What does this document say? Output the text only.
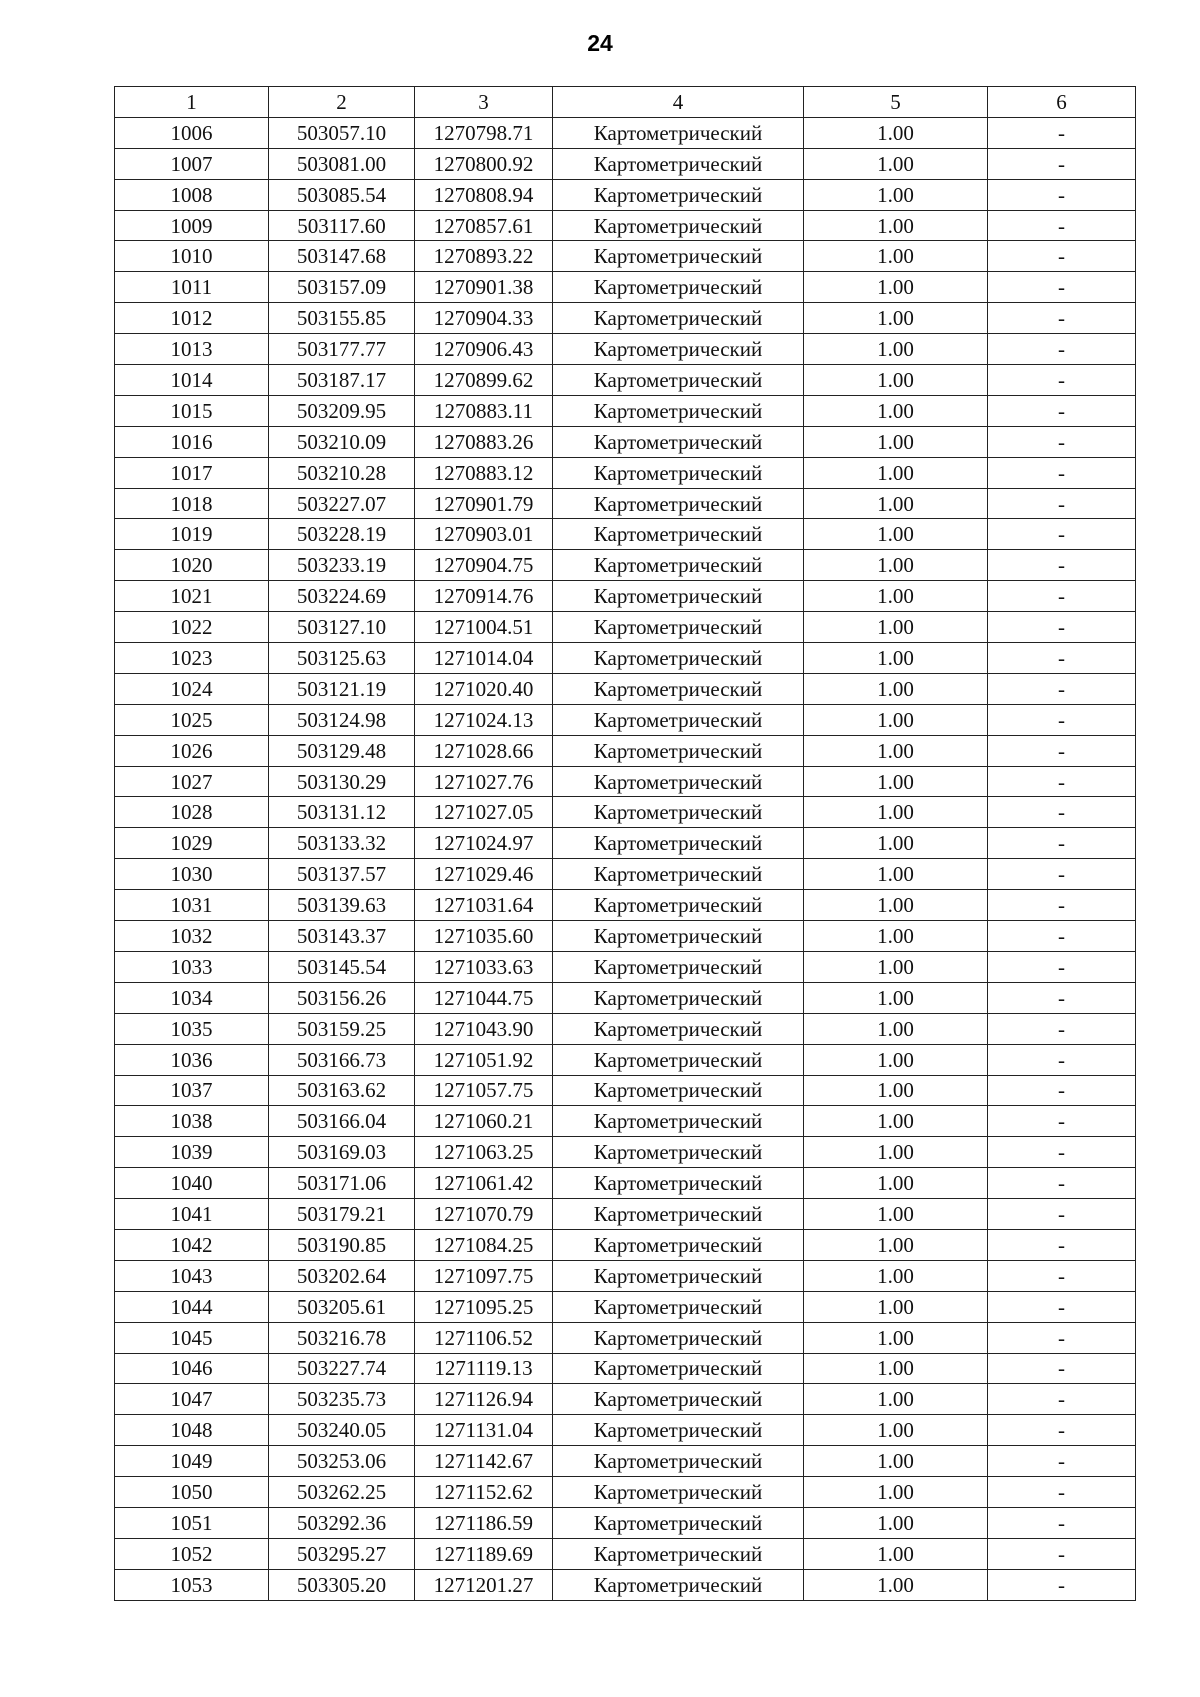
24
1	2	3	4	5	6
1006	503057.10	1270798.71	Картометрический	1.00	-
1007	503081.00	1270800.92	Картометрический	1.00	-
1008	503085.54	1270808.94	Картометрический	1.00	-
1009	503117.60	1270857.61	Картометрический	1.00	-
1010	503147.68	1270893.22	Картометрический	1.00	-
1011	503157.09	1270901.38	Картометрический	1.00	-
1012	503155.85	1270904.33	Картометрический	1.00	-
1013	503177.77	1270906.43	Картометрический	1.00	-
1014	503187.17	1270899.62	Картометрический	1.00	-
1015	503209.95	1270883.11	Картометрический	1.00	-
1016	503210.09	1270883.26	Картометрический	1.00	-
1017	503210.28	1270883.12	Картометрический	1.00	-
1018	503227.07	1270901.79	Картометрический	1.00	-
1019	503228.19	1270903.01	Картометрический	1.00	-
1020	503233.19	1270904.75	Картометрический	1.00	-
1021	503224.69	1270914.76	Картометрический	1.00	-
1022	503127.10	1271004.51	Картометрический	1.00	-
1023	503125.63	1271014.04	Картометрический	1.00	-
1024	503121.19	1271020.40	Картометрический	1.00	-
1025	503124.98	1271024.13	Картометрический	1.00	-
1026	503129.48	1271028.66	Картометрический	1.00	-
1027	503130.29	1271027.76	Картометрический	1.00	-
1028	503131.12	1271027.05	Картометрический	1.00	-
1029	503133.32	1271024.97	Картометрический	1.00	-
1030	503137.57	1271029.46	Картометрический	1.00	-
1031	503139.63	1271031.64	Картометрический	1.00	-
1032	503143.37	1271035.60	Картометрический	1.00	-
1033	503145.54	1271033.63	Картометрический	1.00	-
1034	503156.26	1271044.75	Картометрический	1.00	-
1035	503159.25	1271043.90	Картометрический	1.00	-
1036	503166.73	1271051.92	Картометрический	1.00	-
1037	503163.62	1271057.75	Картометрический	1.00	-
1038	503166.04	1271060.21	Картометрический	1.00	-
1039	503169.03	1271063.25	Картометрический	1.00	-
1040	503171.06	1271061.42	Картометрический	1.00	-
1041	503179.21	1271070.79	Картометрический	1.00	-
1042	503190.85	1271084.25	Картометрический	1.00	-
1043	503202.64	1271097.75	Картометрический	1.00	-
1044	503205.61	1271095.25	Картометрический	1.00	-
1045	503216.78	1271106.52	Картометрический	1.00	-
1046	503227.74	1271119.13	Картометрический	1.00	-
1047	503235.73	1271126.94	Картометрический	1.00	-
1048	503240.05	1271131.04	Картометрический	1.00	-
1049	503253.06	1271142.67	Картометрический	1.00	-
1050	503262.25	1271152.62	Картометрический	1.00	-
1051	503292.36	1271186.59	Картометрический	1.00	-
1052	503295.27	1271189.69	Картометрический	1.00	-
1053	503305.20	1271201.27	Картометрический	1.00	-
